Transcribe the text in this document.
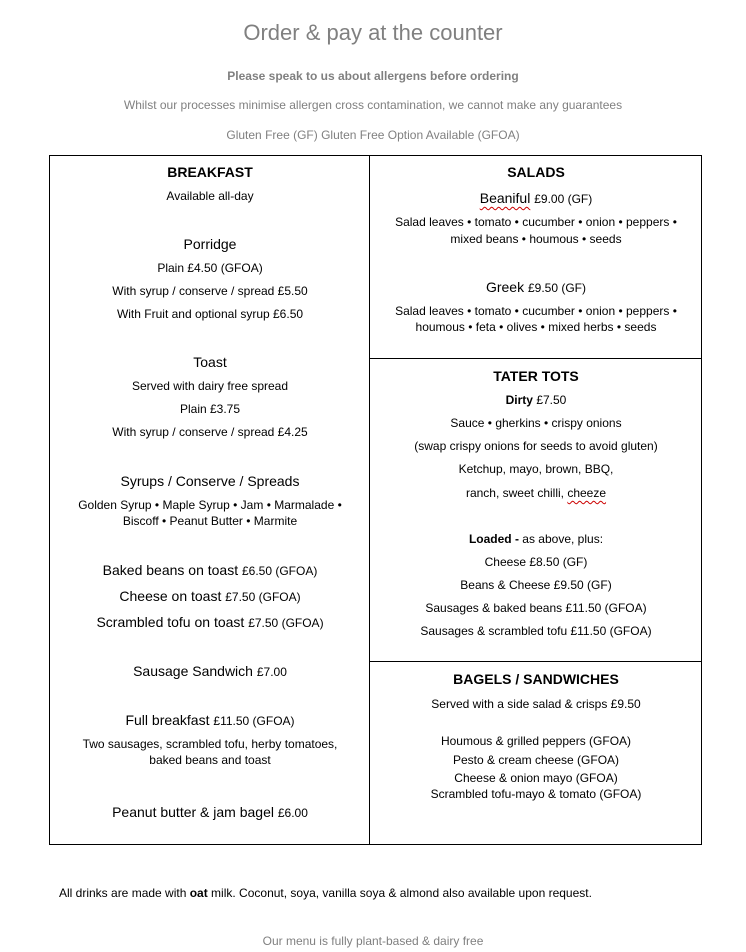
Order & pay at the counter
Please speak to us about allergens before ordering
Whilst our processes minimise allergen cross contamination, we cannot make any guarantees
Gluten Free (GF) Gluten Free Option Available (GFOA)
BREAKFAST
Available all-day
Porridge
Plain £4.50 (GFOA)
With syrup / conserve / spread £5.50
With Fruit and optional syrup £6.50
Toast
Served with dairy free spread
Plain £3.75
With syrup / conserve / spread £4.25
Syrups / Conserve / Spreads
Golden Syrup • Maple Syrup • Jam • Marmalade •
Biscoff • Peanut Butter • Marmite
Baked beans on toast £6.50 (GFOA)
Cheese on toast £7.50 (GFOA)
Scrambled tofu on toast £7.50 (GFOA)
Sausage Sandwich £7.00
Full breakfast £11.50 (GFOA)
Two sausages, scrambled tofu, herby tomatoes,
baked beans and toast
Peanut butter & jam bagel £6.00
SALADS
Beaniful £9.00 (GF)
Salad leaves • tomato • cucumber • onion • peppers •
mixed beans • houmous • seeds
Greek £9.50 (GF)
Salad leaves • tomato • cucumber • onion • peppers •
houmous • feta • olives • mixed herbs • seeds
TATER TOTS
Dirty £7.50
Sauce • gherkins • crispy onions
(swap crispy onions for seeds to avoid gluten)
Ketchup, mayo, brown, BBQ,
ranch, sweet chilli, cheeze
Loaded - as above, plus:
Cheese £8.50 (GF)
Beans & Cheese £9.50 (GF)
Sausages & baked beans £11.50 (GFOA)
Sausages & scrambled tofu £11.50 (GFOA)
BAGELS / SANDWICHES
Served with a side salad & crisps £9.50
Houmous & grilled peppers (GFOA)
Pesto & cream cheese (GFOA)
Cheese & onion mayo (GFOA)
Scrambled tofu-mayo & tomato (GFOA)
All drinks are made with oat milk. Coconut, soya, vanilla soya & almond also available upon request.
Our menu is fully plant-based & dairy free
